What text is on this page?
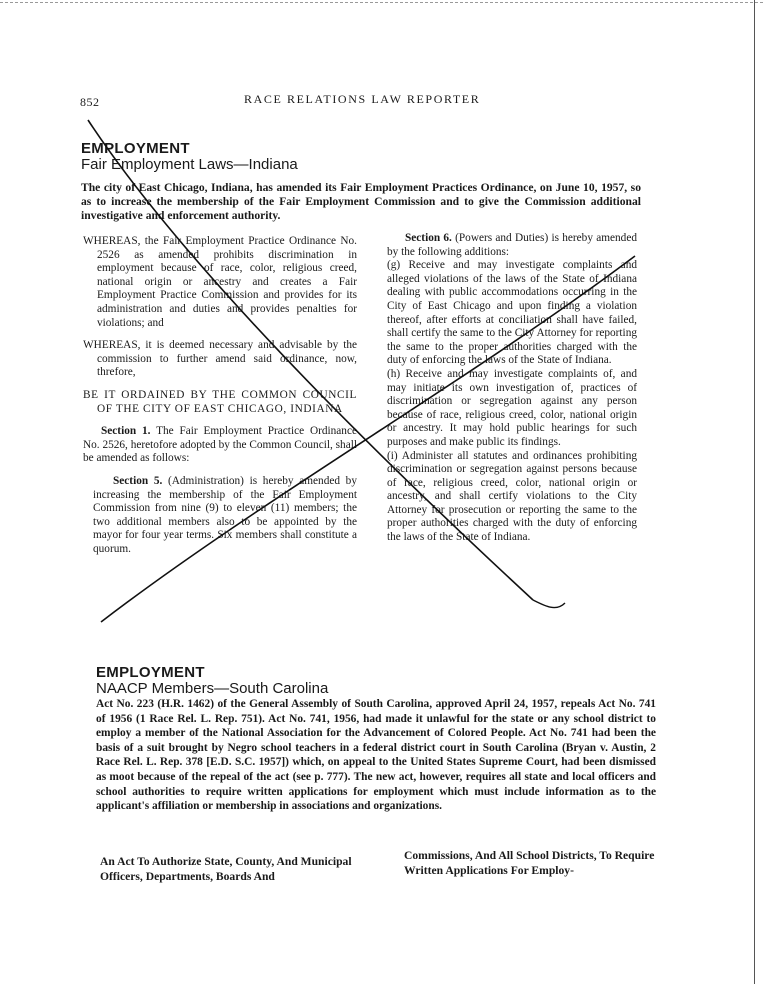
852	RACE RELATIONS LAW REPORTER
EMPLOYMENT
Fair Employment Laws—Indiana

The city of East Chicago, Indiana, has amended its Fair Employment Practices Ordinance, on June 10, 1957, so as to increase the membership of the Fair Employment Commission and to give the Commission additional investigative and enforcement authority.

WHEREAS, the Fair Employment Practice Ordinance No. 2526 as amended prohibits discrimination in employment because of race, color, religious creed, national origin or ancestry and creates a Fair Employment Practice Commission and provides for its administration and duties and provides penalties for violations; and

WHEREAS, it is deemed necessary and advisable by the commission to further amend said ordinance, now, threfore,

BE IT ORDAINED BY THE COMMON COUNCIL OF THE CITY OF EAST CHICAGO, INDIANA

Section 1. The Fair Employment Practice Ordinance No. 2526, heretofore adopted by the Common Council, shall be amended as follows:

Section 5. (Administration) is hereby amended by increasing the membership of the Fair Employment Commission from nine (9) to eleven (11) members; the two additional members also to be appointed by the mayor for four year terms. Six members shall constitute a quorum.

Section 6. (Powers and Duties) is hereby amended by the following additions:

(g) Receive and may investigate complaints and alleged violations of the laws of the State of Indiana dealing with public accommodations occurring in the City of East Chicago and upon finding a violation thereof, after efforts at conciliation shall have failed, shall certify the same to the City Attorney for reporting the same to the proper authorities charged with the duty of enforcing the laws of the State of Indiana.

(h) Receive and may investigate complaints of, and may initiate its own investigation of, practices of discrimination or segregation against any person because of race, religious creed, color, national origin or ancestry. It may hold public hearings for such purposes and make public its findings.

(i) Administer all statutes and ordinances prohibiting discrimination or segregation against persons because of race, religious creed, color, national origin or ancestry, and shall certify violations to the City Attorney for prosecution or reporting the same to the proper authorities charged with the duty of enforcing the laws of the State of Indiana.

EMPLOYMENT
NAACP Members—South Carolina

Act No. 223 (H.R. 1462) of the General Assembly of South Carolina, approved April 24, 1957, repeals Act No. 741 of 1956 (1 Race Rel. L. Rep. 751). Act No. 741, 1956, had made it unlawful for the state or any school district to employ a member of the National Association for the Advancement of Colored People. Act No. 741 had been the basis of a suit brought by Negro school teachers in a federal district court in South Carolina (Bryan v. Austin, 2 Race Rel. L. Rep. 378 [E.D. S.C. 1957]) which, on appeal to the United States Supreme Court, had been dismissed as moot because of the repeal of the act (see p. 777). The new act, however, requires all state and local officers and school authorities to require written applications for employment which must include information as to the applicant's affiliation or membership in associations and organizations.

An Act To Authorize State, County, And Municipal Officers, Departments, Boards And
Commissions, And All School Districts, To Require Written Applications For Employ-
